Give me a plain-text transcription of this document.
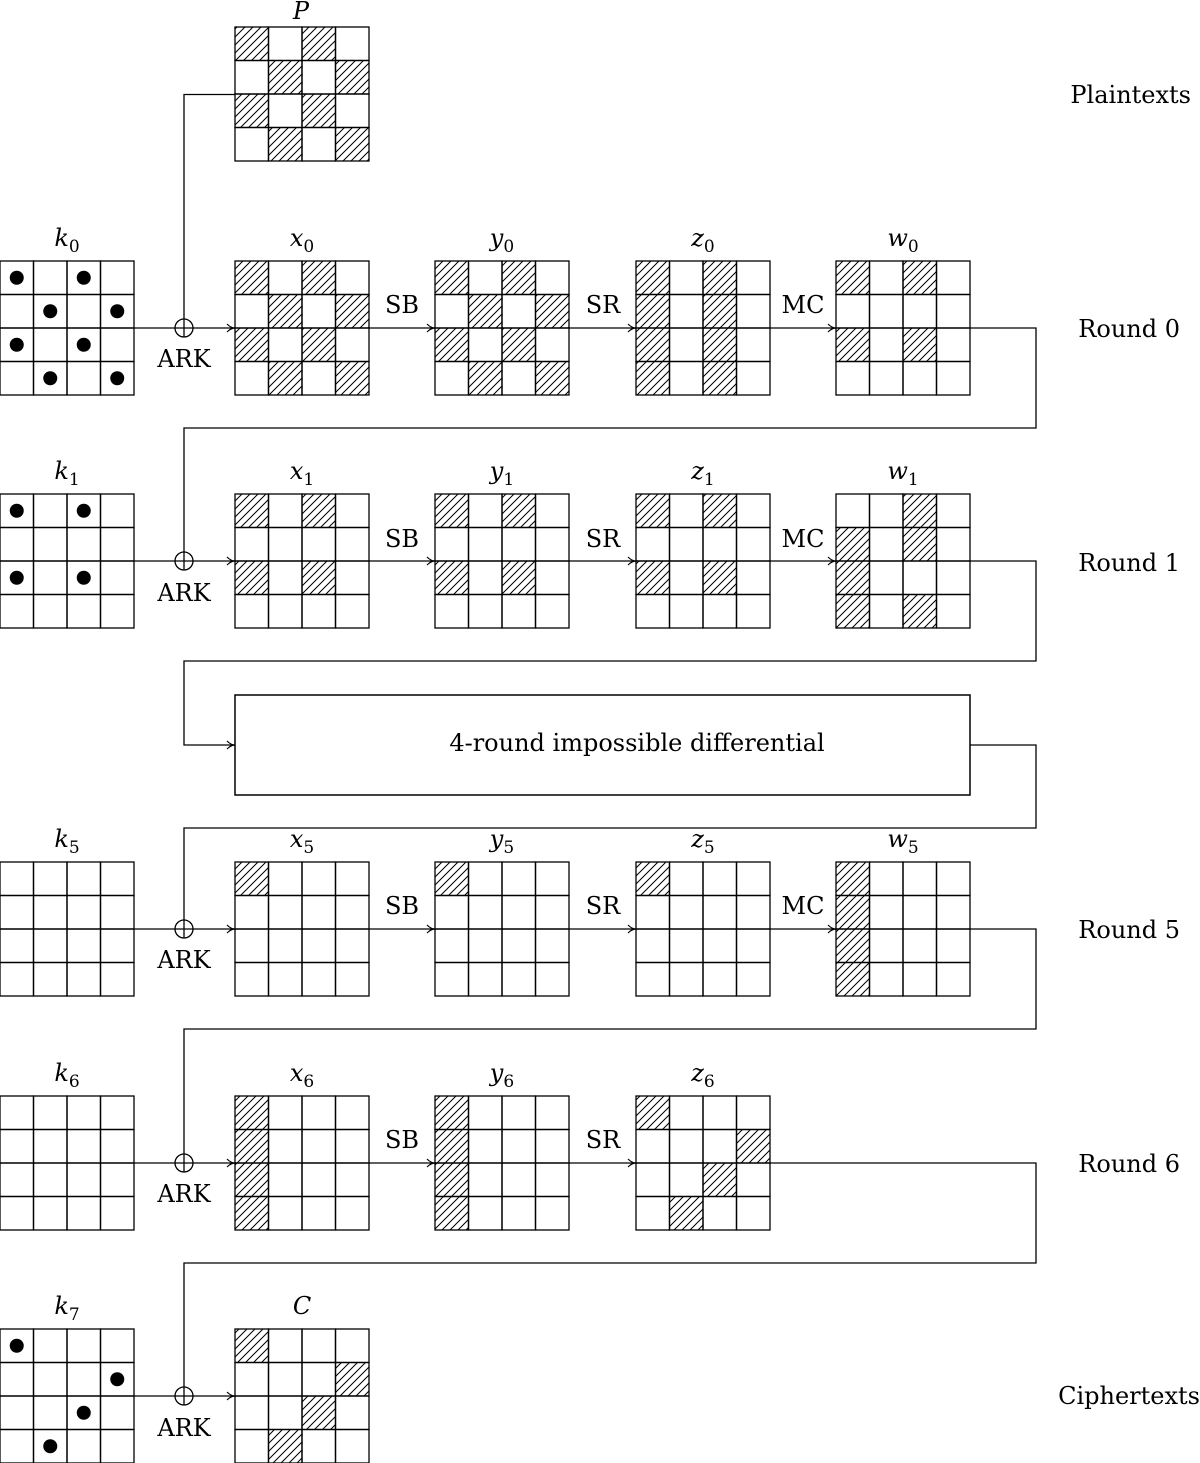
P
Plaintexts
Round 0
Round 1
Round 5
Round 6
Ciphertexts
4-round impossible differential
ARK
SB	SR	MC
ARK
SB	SR	MC
ARK
SB	SR	MC
ARK
SB	SR
ARK
$k_0$	$x_0$	$y_0$	$z_0$	$w_0$
$k_1$	$x_1$	$y_1$	$z_1$	$w_1$
$k_5$	$x_5$	$y_5$	$z_5$	$w_5$
$k_6$	$x_6$	$y_6$	$z_6$
$k_7$	C
